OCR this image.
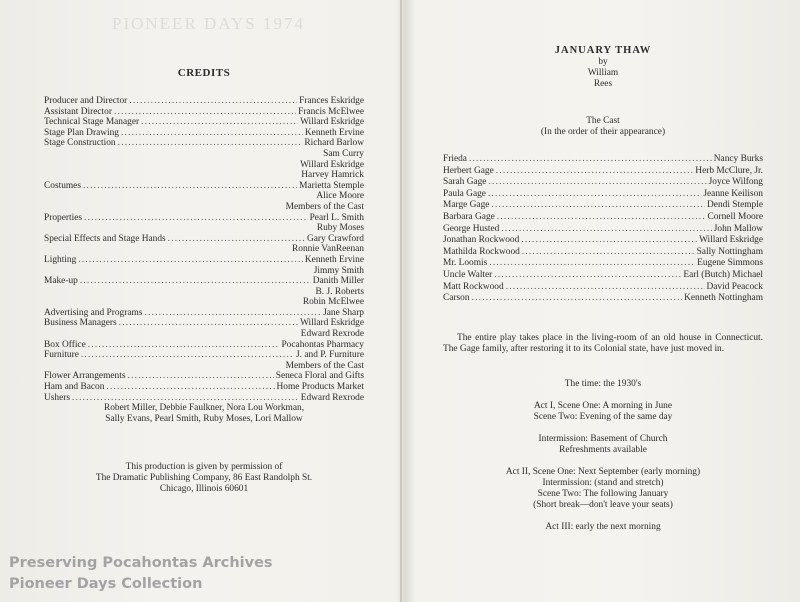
PIONEER DAYS 1974
CREDITS
Producer and Director .....	Frances Eskridge
Assistant Director .....	Francis McElwee
Technical Stage Manager .....	Willard Eskridge
Stage Plan Drawing .....	Kenneth Ervine
Stage Construction .....	Richard Barlow
Sam Curry
Willard Eskridge
Harvey Hamrick
Costumes .....	Marietta Stemple
Alice Moore
Members of the Cast
Properties .....	Pearl L. Smith
Ruby Moses
Special Effects and Stage Hands .....	Gary Crawford
Ronnie VanReenan
Lighting .....	Kenneth Ervine
Jimmy Smith
Make-up .....	Danith Miller
B. J. Roberts
Robin McElwee
Advertising and Programs .....	Jane Sharp
Business Managers .....	Willard Eskridge
Edward Rexrode
Box Office .....	Pocahontas Pharmacy
Furniture .....	J. and P. Furniture
Members of the Cast
Flower Arrangements .....	Seneca Floral and Gifts
Ham and Bacon .....	Home Products Market
Ushers .....	Edward Rexrode
Robert Miller, Debbie Faulkner, Nora Lou Workman,
Sally Evans, Pearl Smith, Ruby Moses, Lori Mallow
This production is given by permission of
The Dramatic Publishing Company, 86 East Randolph St.
Chicago, Illinois 60601
JANUARY THAW
by
William
Rees
The Cast
(In the order of their appearance)
Frieda .....	Nancy Burks
Herbert Gage .....	Herb McClure, Jr.
Sarah Gage .....	Joyce Wilfong
Paula Gage .....	Jeanne Keilison
Marge Gage .....	Dendi Stemple
Barbara Gage .....	Cornell Moore
George Husted .....	John Mallow
Jonathan Rockwood .....	Willard Eskridge
Mathilda Rockwood .....	Sally Nottingham
Mr. Loomis .....	Eugene Simmons
Uncle Walter .....	Earl (Butch) Michael
Matt Rockwood .....	David Peacock
Carson .....	Kenneth Nottingham
The entire play takes place in the living-room of an old house in Connecticut. The Gage family, after restoring it to its Colonial state, have just moved in.
The time: the 1930's
Act I, Scene One: A morning in June
Scene Two: Evening of the same day
Intermission: Basement of Church
Refreshments available
Act II, Scene One: Next September (early morning)
Intermission: (stand and stretch)
Scene Two: The following January
(Short break—don't leave your seats)
Act III: early the next morning
Preserving Pocahontas Archives
Pioneer Days Collection
